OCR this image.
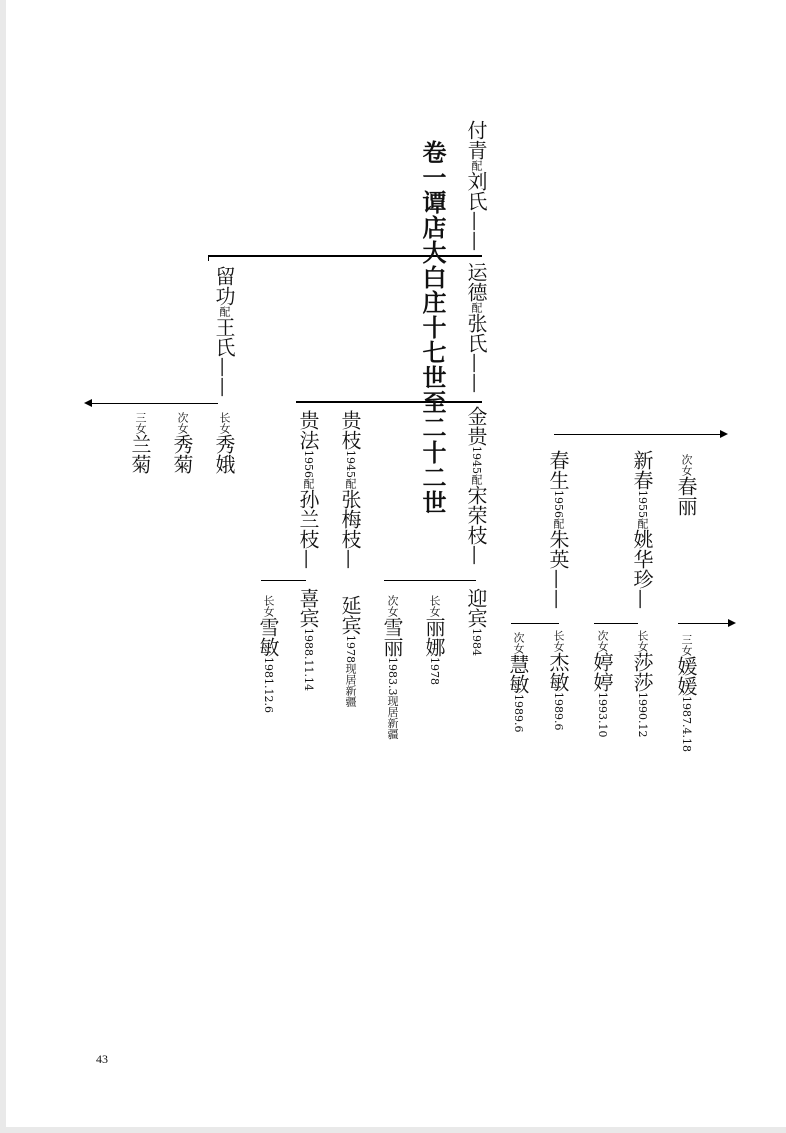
卷一谭店大白庄十七世至二十二世 付青配刘氏——
运德配张氏——
金贵1945配宋荣枝—
迎宾1984
长女丽娜1978
次女雪丽1983.3现居新疆
贵枝1945配张梅枝—
延宾1978现居新疆
贵法1956配孙兰枝—
喜宾1988.11.14
长女雪敏1981.12.6
留功配王氏——
长女秀娥
次女秀菊
三女兰菊	春生1956配朱英——
长女杰敏1989.6
次女慧敏1989.6
新春1955配姚华珍—
长女莎莎1990.12
次女婷婷1993.10
三女媛媛1987.4.18
次女春丽
43
